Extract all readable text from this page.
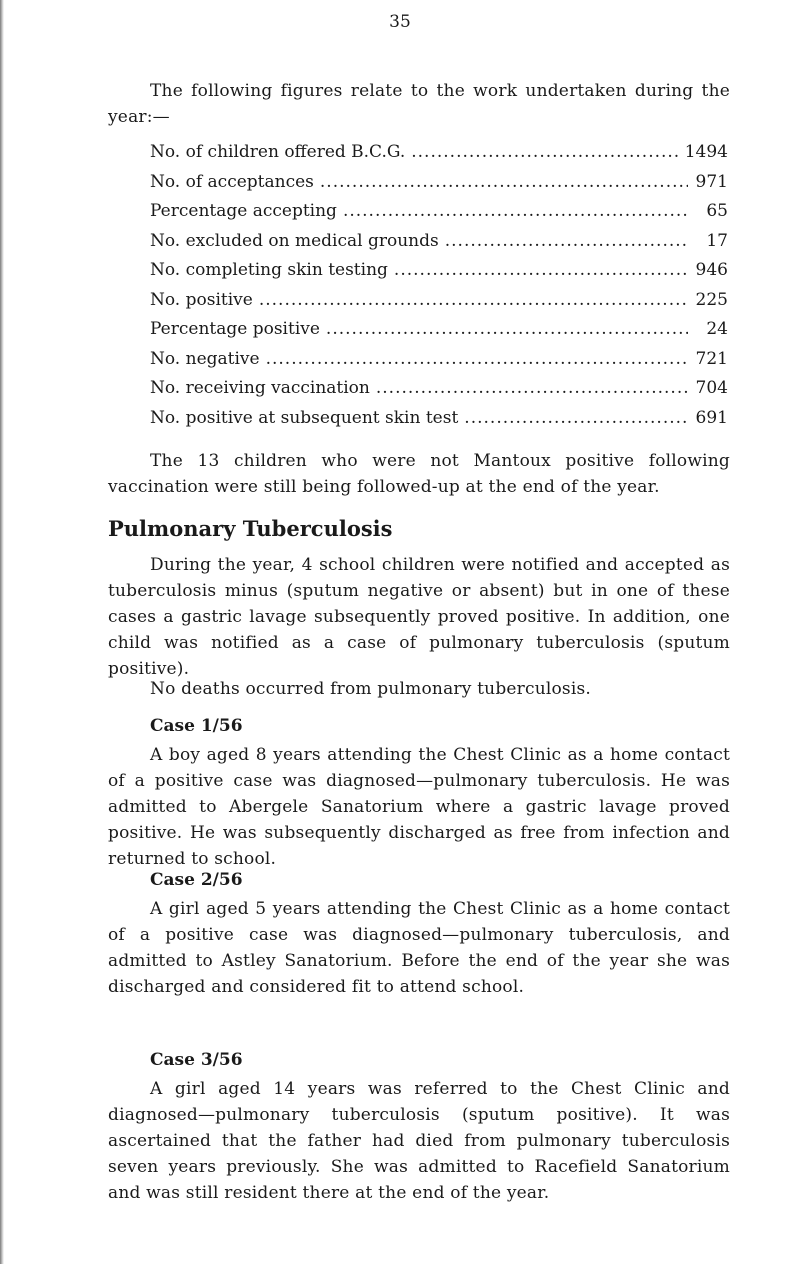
35

The following figures relate to the work undertaken during the year:—

No. of children offered B.C.G. .....	1494
No. of acceptances .....	971
Percentage accepting .....	65
No. excluded on medical grounds .....	17
No. completing skin testing .....	946
No. positive .....	225
Percentage positive .....	24
No. negative .....	721
No. receiving vaccination .....	704
No. positive at subsequent skin test .....	691

The 13 children who were not Mantoux positive following vaccination were still being followed-up at the end of the year.

Pulmonary Tuberculosis

During the year, 4 school children were notified and accepted as tuberculosis minus (sputum negative or absent) but in one of these cases a gastric lavage subsequently proved positive. In addition, one child was notified as a case of pulmonary tuberculosis (sputum positive).

No deaths occurred from pulmonary tuberculosis.

Case 1/56

A boy aged 8 years attending the Chest Clinic as a home contact of a positive case was diagnosed—pulmonary tuberculosis. He was admitted to Abergele Sanatorium where a gastric lavage proved positive. He was subsequently discharged as free from infection and returned to school.

Case 2/56

A girl aged 5 years attending the Chest Clinic as a home contact of a positive case was diagnosed—pulmonary tuberculosis, and admitted to Astley Sanatorium. Before the end of the year she was discharged and considered fit to attend school.

Case 3/56

A girl aged 14 years was referred to the Chest Clinic and diagnosed—pulmonary tuberculosis (sputum positive). It was ascertained that the father had died from pulmonary tuberculosis seven years previously. She was admitted to Racefield Sanatorium and was still resident there at the end of the year.
